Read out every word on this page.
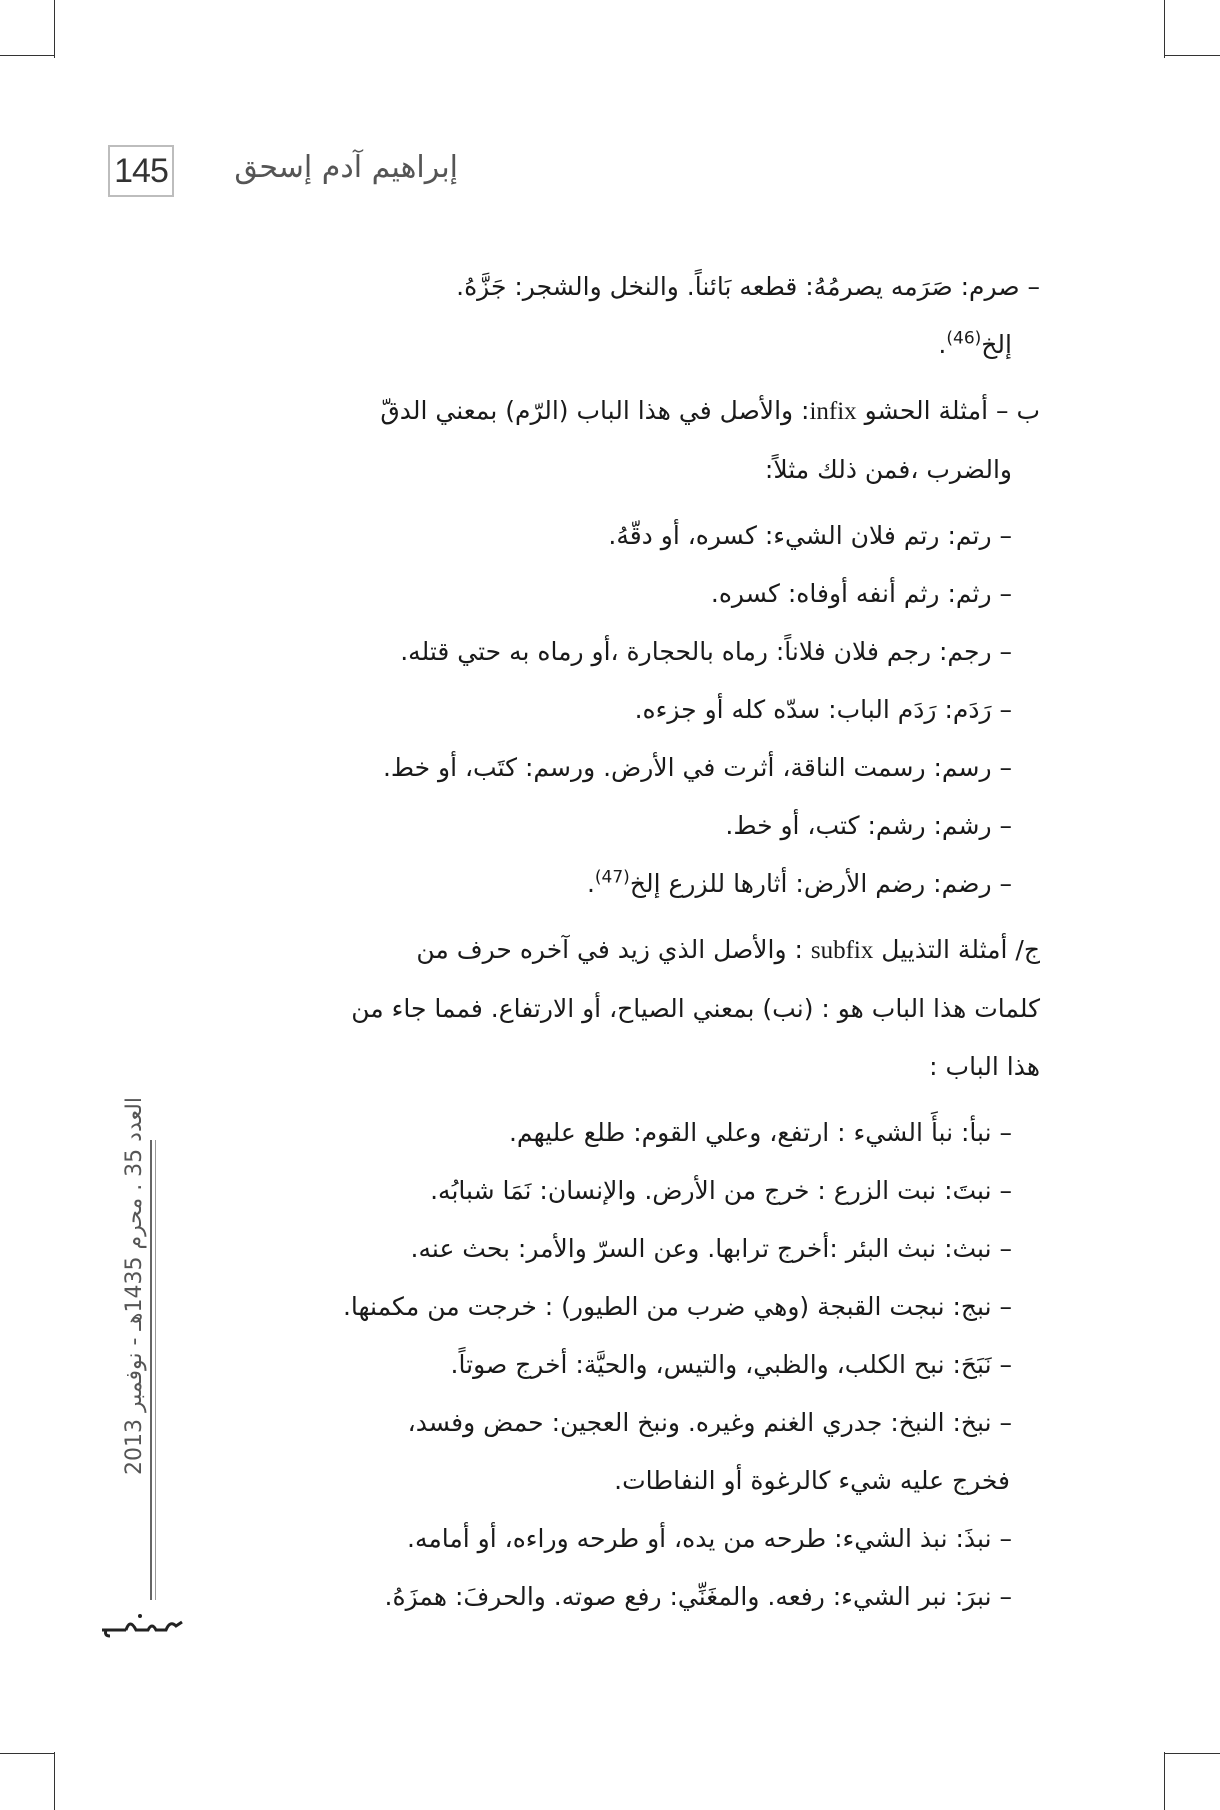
145 إبراهيم آدم إسحق
– صرم: صَرَمه يصرمُهُ: قطعه بَائناً. والنخل والشجر: جَزَّهُ.
إلخ$^{(46)}$.
ب – أمثلة الحشو infix: والأصل في هذا الباب (الرّم) بمعني الدقّ
والضرب ،فمن ذلك مثلاً:
– رتم: رتم فلان الشيء: كسره، أو دقّهُ.
– رثم: رثم أنفه أوفاه: كسره.
– رجم: رجم فلان فلاناً: رماه بالحجارة ،أو رماه به حتي قتله.
– رَدَم: رَدَم الباب: سدّه كله أو جزءه.
– رسم: رسمت الناقة، أثرت في الأرض. ورسم: كتَب، أو خط.
– رشم: رشم: كتب، أو خط.
– رضم: رضم الأرض: أثارها للزرع إلخ$^{(47)}$.
ج/ أمثلة التذييل subfix : والأصل الذي زيد في آخره حرف من
كلمات هذا الباب هو : (نب) بمعني الصياح، أو الارتفاع. فمما جاء من
هذا الباب :
– نبأ: نبأَ الشيء : ارتفع، وعلي القوم: طلع عليهم.
– نبتَ: نبت الزرع : خرج من الأرض. والإنسان: نَمَا شبابُه.
– نبث: نبث البئر :أخرج ترابها. وعن السرّ والأمر: بحث عنه.
– نبج: نبجت القبجة (وهي ضرب من الطيور) : خرجت من مكمنها.
– نَبَحَ: نبح الكلب، والظبي، والتيس، والحيَّة: أخرج صوتاً.
– نبخ: النبخ: جدري الغنم وغيره. ونبخ العجين: حمض وفسد،
فخرج عليه شيء كالرغوة أو النفاطات.
– نبذَ: نبذ الشيء: طرحه من يده، أو طرحه وراءه، أو أمامه.
– نبرَ: نبر الشيء: رفعه. والمغَنِّي: رفع صوته. والحرفَ: همزَهُ.
العدد 35 . محرم 1435هـ - نوفمبر 2013
